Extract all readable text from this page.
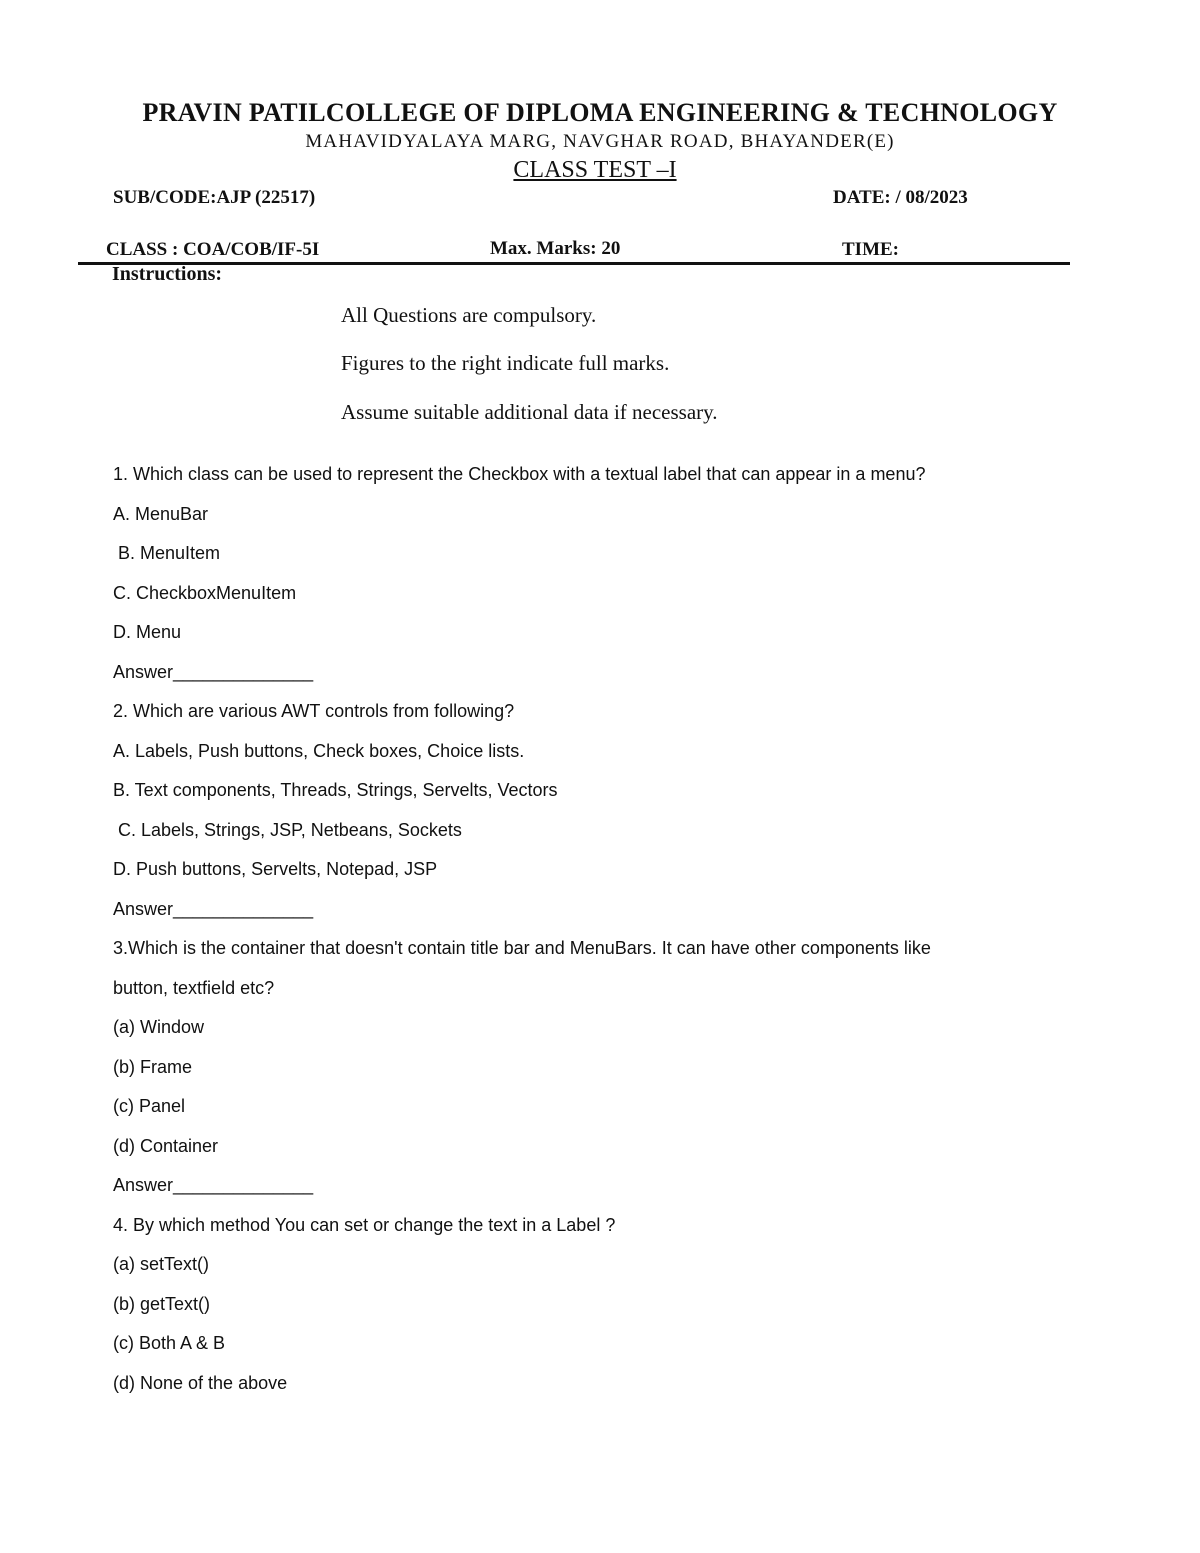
PRAVIN PATILCOLLEGE OF DIPLOMA ENGINEERING & TECHNOLOGY
MAHAVIDYALAYA MARG, NAVGHAR ROAD, BHAYANDER(E)
CLASS TEST –I
SUB/CODE:AJP (22517)	DATE: / 08/2023
CLASS : COA/COB/IF-5I	Max. Marks: 20	TIME:
Instructions:
All Questions are compulsory.
Figures to the right indicate full marks.
Assume suitable additional data if necessary.
1. Which class can be used to represent the Checkbox with a textual label that can appear in a menu?
A. MenuBar
B. MenuItem
C. CheckboxMenuItem
D. Menu
Answer______________
2. Which are various AWT controls from following?
A. Labels, Push buttons, Check boxes, Choice lists.
B. Text components, Threads, Strings, Servelts, Vectors
C. Labels, Strings, JSP, Netbeans, Sockets
D. Push buttons, Servelts, Notepad, JSP
Answer______________
3.Which is the container that doesn't contain title bar and MenuBars. It can have other components like
button, textfield etc?
(a) Window
(b) Frame
(c) Panel
(d) Container
Answer______________
4. By which method You can set or change the text in a Label ?
(a) setText()
(b) getText()
(c) Both A & B
(d) None of the above
